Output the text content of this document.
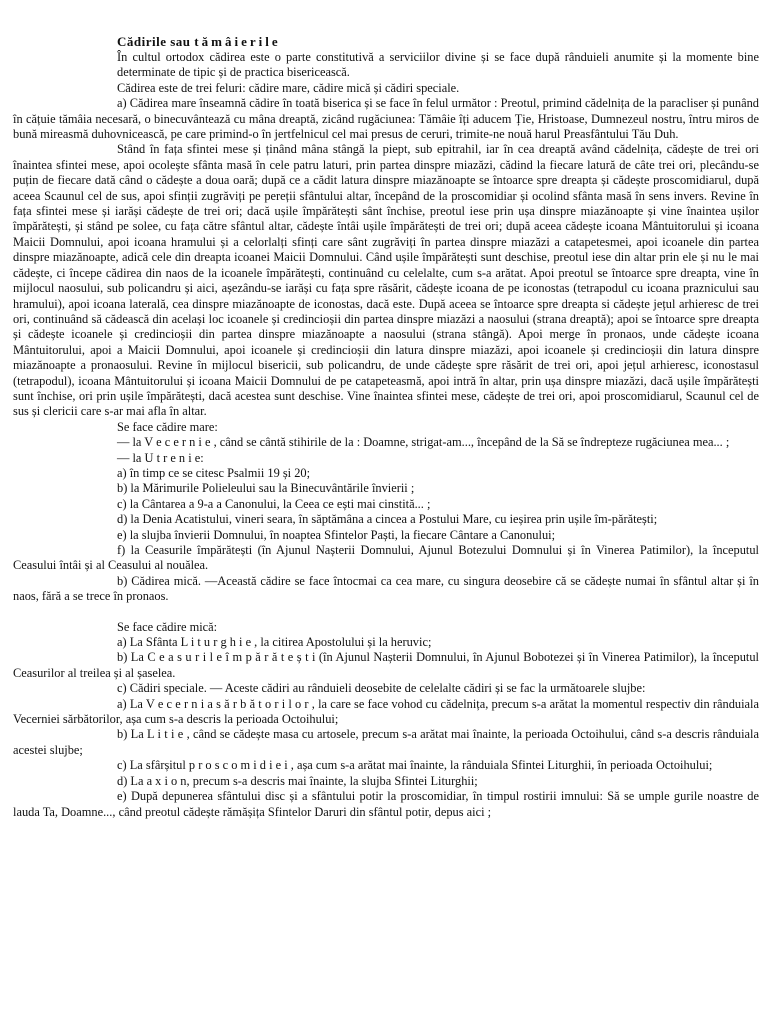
Cădirile sau tămâierile
În cultul ortodox cădirea este o parte constitutivă a serviciilor divine și se face după rânduieli anumite și la momente bine determinate de tipic și de practica bisericească.
Cădirea este de trei feluri: cădire mare, cădire mică și cădiri speciale.
a) Cădirea mare înseamnă cădire în toată biserica și se face în felul următor : Preotul, primind cădelnița de la paracliser și punând în cățuie tămâia necesară, o binecuvântează cu mâna dreaptă, zicând rugăciunea: Tămâie îți aducem Ție, Hristoase, Dumnezeul nostru, întru miros de bună mireasmă duhovnicească, pe care primind-o în jertfelnicul cel mai presus de ceruri, trimite-ne nouă harul Preasfântului Tău Duh.
Stând în fața sfintei mese și ținând mâna stângă la piept, sub epitrahil, iar în cea dreaptă având cădelnița, cădește de trei ori înaintea sfintei mese, apoi ocolește sfânta masă în cele patru laturi, prin partea dinspre miazăzi, cădind la fiecare latură de câte trei ori, plecându-se puțin de fiecare dată când o cădește a doua oară; după ce a cădit latura dinspre miazănoapte se întoarce spre dreapta și cădește proscomidiarul, după aceea Scaunul cel de sus, apoi sfinții zugrăviți pe pereții sfântului altar, începând de la proscomidiar și ocolind sfânta masă în sens invers. Revine în fața sfintei mese și iarăși cădește de trei ori; dacă ușile împărătești sânt închise, preotul iese prin ușa dinspre miazănoapte și vine înaintea ușilor împărătești, și stând pe solee, cu fața către sfântul altar, cădește întâi ușile împărătești de trei ori; după aceea cădește icoana Mântuitorului și icoana Maicii Domnului, apoi icoana hramului și a celorlalți sfinți care sânt zugrăviți în partea dinspre miazăzi a catapetesmei, apoi icoanele din partea dinspre miazănoapte, adică cele din dreapta icoanei Maicii Domnului. Când ușile împărătești sunt deschise, preotul iese din altar prin ele și nu le mai cădește, ci începe cădirea din naos de la icoanele împărătești, continuând cu celelalte, cum s-a arătat. Apoi preotul se întoarce spre dreapta, vine în mijlocul naosului, sub policandru și aici, așezându-se iarăși cu fața spre răsărit, cădește icoana de pe iconostas (tetrapodul cu icoana praznicului sau hramului), apoi icoana laterală, cea dinspre miazănoapte de iconostas, dacă este. După aceea se întoarce spre dreapta si cădește jețul arhieresc de trei ori, continuând să cădească din același loc icoanele și credincioșii din partea dinspre miazăzi a naosului (strana dreaptă); apoi se întoarce spre dreapta și cădește icoanele și credincioșii din partea dinspre miazănoapte a naosului (strana stângă). Apoi merge în pronaos, unde cădește icoana Mântuitorului, apoi a Maicii Domnului, apoi icoanele și credincioșii din latura dinspre miazăzi, apoi icoanele și credincioșii din latura dinspre miazănoapte a pronaosului. Revine în mijlocul bisericii, sub policandru, de unde cădește spre răsărit de trei ori, apoi jețul arhieresc, iconostasul (tetrapodul), icoana Mântuitorului și icoana Maicii Domnului de pe catapeteasmă, apoi intră în altar, prin ușa dinspre miazăzi, dacă ușile împărătești sunt închise, ori prin ușile împărătești, dacă acestea sunt deschise. Vine înaintea sfintei mese, cădește de trei ori, apoi proscomidiarul, Scaunul cel de sus și clericii care s-ar mai afla în altar.
Se face cădire mare:
— la V e c e r n i e , când se cântă stihirile de la : Doamne, strigat-am..., începând de la Să se îndrepteze rugăciunea mea... ;
— la U t r e n i e:
a) în timp ce se citesc Psalmii 19 și 20;
b) la Mărimurile Polieleului sau la Binecuvântările învierii ;
c) la Cântarea a 9-a a Canonului, la Ceea ce ești mai cinstită... ;
d) la Denia Acatistului, vineri seara, în săptămâna a cincea a Postului Mare, cu ieșirea prin ușile îm-părătești;
e) la slujba învierii Domnului, în noaptea Sfintelor Paști, la fiecare Cântare a Canonului;
f) la Ceasurile împărătești (în Ajunul Nașterii Domnului, Ajunul Botezului Domnului și în Vinerea Patimilor), la începutul Ceasului întâi și al Ceasului al nouălea.
b) Cădirea mică. —Această cădire se face întocmai ca cea mare, cu singura deosebire că se cădește numai în sfântul altar și în naos, fără a se trece în pronaos.
Se face cădire mică:
a) La Sfânta L i t u r g h i e , la citirea Apostolului și la heruvic;
b) La C e a s u r i l e î m p ă r ă t e ș t i (în Ajunul Nașterii Domnului, în Ajunul Bobotezei și în Vinerea Patimilor), la începutul Ceasurilor al treilea și al șaselea.
c) Cădiri speciale. — Aceste cădiri au rânduieli deosebite de celelalte cădiri și se fac la următoarele slujbe:
a) La V e c e r n i a s ă r b ă t o r i l o r , la care se face vohod cu cădelnița, precum s-a arătat la momentul respectiv din rânduiala Vecerniei sărbătorilor, așa cum s-a descris la perioada Octoihului;
b) La L i t i e , când se cădește masa cu artosele, precum s-a arătat mai înainte, la perioada Octoihului, când s-a descris rânduiala acestei slujbe;
c) La sfârșitul p r o s c o m i d i e i , așa cum s-a arătat mai înainte, la rânduiala Sfintei Liturghii, în perioada Octoihului;
d) La a x i o n, precum s-a descris mai înainte, la slujba Sfintei Liturghii;
e) După depunerea sfântului disc și a sfântului potir la proscomidiar, în timpul rostirii imnului: Să se umple gurile noastre de lauda Ta, Doamne..., când preotul cădește rămășița Sfintelor Daruri din sfântul potir, depus aici ;
